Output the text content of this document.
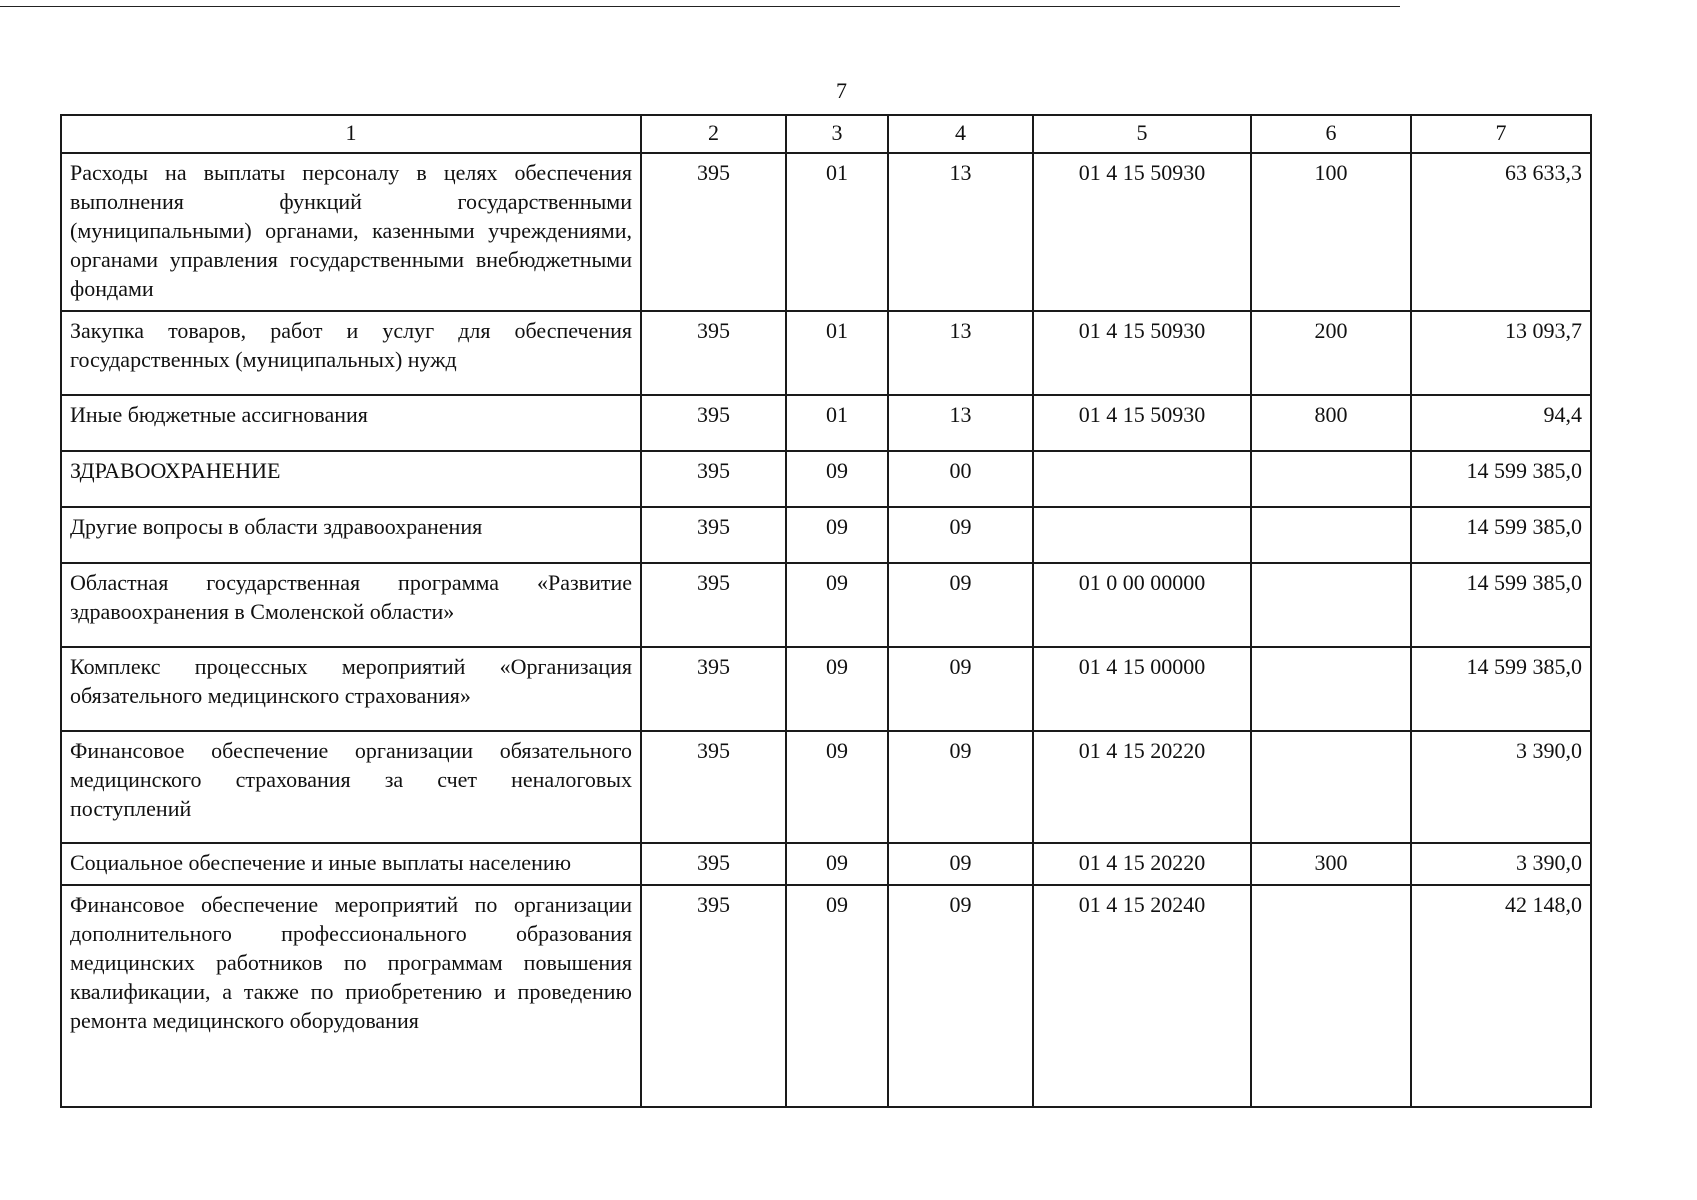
7
1	2	3	4	5	6	7
Расходы на выплаты персоналу в целях обеспечения выполнения функций государственными (муниципальными) органами, казенными учреждениями, органами управления государственными внебюджетными фондами	395	01	13	01 4 15 50930	100	63 633,3
Закупка товаров, работ и услуг для обеспечения государственных (муниципальных) нужд	395	01	13	01 4 15 50930	200	13 093,7
Иные бюджетные ассигнования	395	01	13	01 4 15 50930	800	94,4
ЗДРАВООХРАНЕНИЕ	395	09	00			14 599 385,0
Другие вопросы в области здравоохранения	395	09	09			14 599 385,0
Областная государственная программа «Развитие здравоохранения в Смоленской области»	395	09	09	01 0 00 00000		14 599 385,0
Комплекс процессных мероприятий «Организация обязательного медицинского страхования»	395	09	09	01 4 15 00000		14 599 385,0
Финансовое обеспечение организации обязательного медицинского страхования за счет неналоговых поступлений	395	09	09	01 4 15 20220		3 390,0
Социальное обеспечение и иные выплаты населению	395	09	09	01 4 15 20220	300	3 390,0
Финансовое обеспечение мероприятий по организации дополнительного профессионального образования медицинских работников по программам повышения квалификации, а также по приобретению и проведению ремонта медицинского оборудования	395	09	09	01 4 15 20240		42 148,0
